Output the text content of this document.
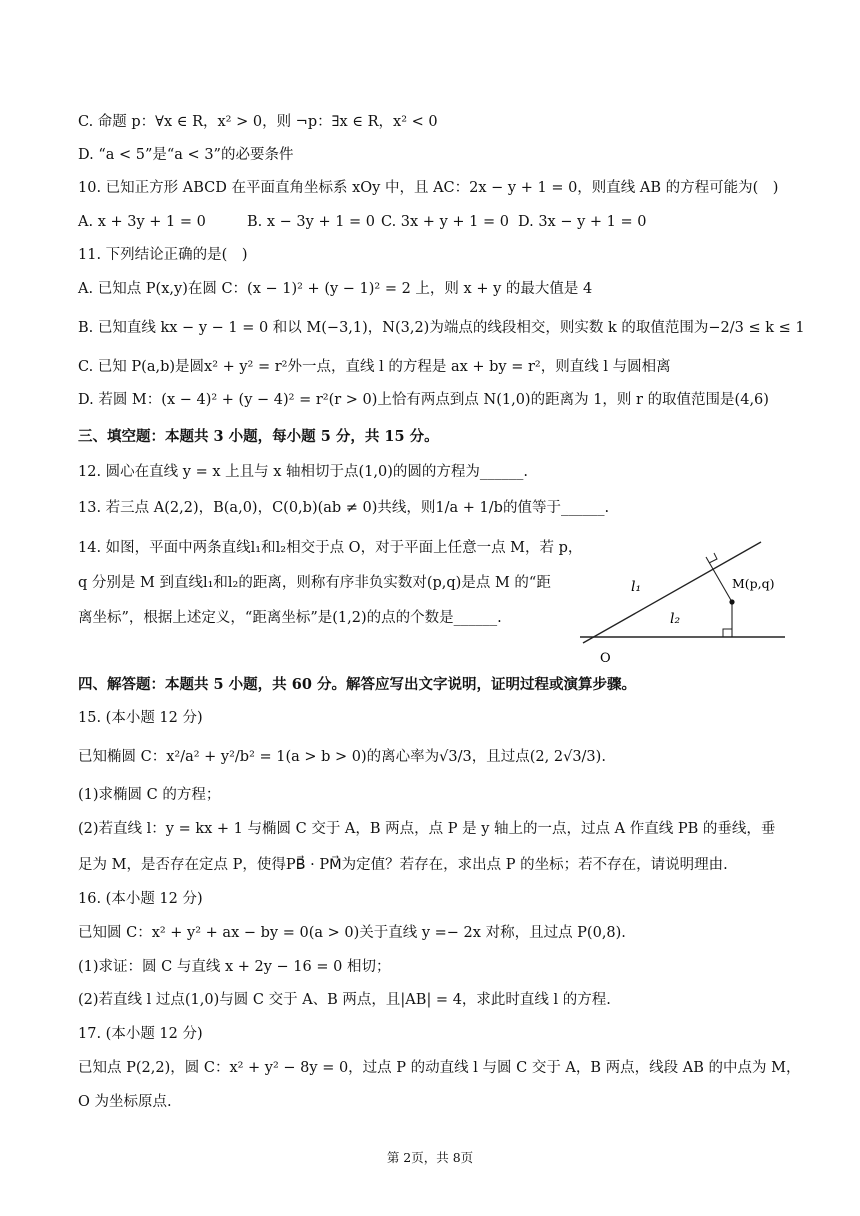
C. 命题 p：∀x ∈ R，x² > 0，则 ¬p：∃x ∈ R，x² < 0
D. “a < 5”是“a < 3”的必要条件
10. 已知正方形 ABCD 在平面直角坐标系 xOy 中，且 AC：2x − y + 1 = 0，则直线 AB 的方程可能为(　)
A. x + 3y + 1 = 0	B. x − 3y + 1 = 0 C. 3x + y + 1 = 0 D. 3x − y + 1 = 0
11. 下列结论正确的是(　)
A. 已知点 P(x,y)在圆 C：(x − 1)² + (y − 1)² = 2 上，则 x + y 的最大值是 4
B. 已知直线 kx − y − 1 = 0 和以 M(−3,1)，N(3,2)为端点的线段相交，则实数 k 的取值范围为−2/3 ≤ k ≤ 1
C. 已知 P(a,b)是圆x² + y² = r²外一点，直线 l 的方程是 ax + by = r²，则直线 l 与圆相离
D. 若圆 M：(x − 4)² + (y − 4)² = r²(r > 0)上恰有两点到点 N(1,0)的距离为 1，则 r 的取值范围是(4,6)
三、填空题：本题共 3 小题，每小题 5 分，共 15 分。
12. 圆心在直线 y = x 上且与 x 轴相切于点(1,0)的圆的方程为______.
13. 若三点 A(2,2)，B(a,0)，C(0,b)(ab ≠ 0)共线，则1/a + 1/b的值等于______.
14. 如图，平面中两条直线l₁和l₂相交于点 O，对于平面上任意一点 M，若 p，
q 分别是 M 到直线l₁和l₂的距离，则称有序非负实数对(p,q)是点 M 的“距
离坐标”，根据上述定义，“距离坐标”是(1,2)的点的个数是______.
l₁
l₂
M(p,q)
O
四、解答题：本题共 5 小题，共 60 分。解答应写出文字说明，证明过程或演算步骤。
15. (本小题 12 分)
已知椭圆 C：x²/a² + y²/b² = 1(a > b > 0)的离心率为√3/3，且过点(2, 2√3/3).
(1)求椭圆 C 的方程；
(2)若直线 l：y = kx + 1 与椭圆 C 交于 A，B 两点，点 P 是 y 轴上的一点，过点 A 作直线 PB 的垂线，垂
足为 M，是否存在定点 P，使得PB⃗ · PM⃗为定值？若存在，求出点 P 的坐标；若不存在，请说明理由.
16. (本小题 12 分)
已知圆 C：x² + y² + ax − by = 0(a > 0)关于直线 y =− 2x 对称，且过点 P(0,8).
(1)求证：圆 C 与直线 x + 2y − 16 = 0 相切；
(2)若直线 l 过点(1,0)与圆 C 交于 A、B 两点，且|AB| = 4，求此时直线 l 的方程.
17. (本小题 12 分)
已知点 P(2,2)，圆 C：x² + y² − 8y = 0，过点 P 的动直线 l 与圆 C 交于 A，B 两点，线段 AB 的中点为 M，
O 为坐标原点.
第 2页，共 8页
